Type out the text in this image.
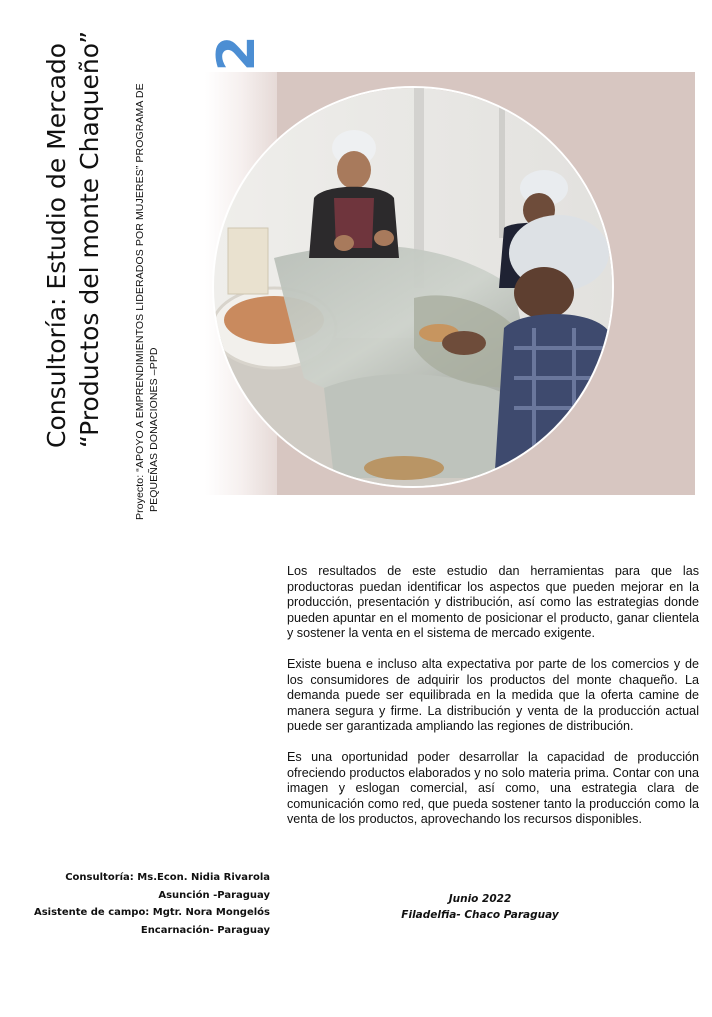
Consultoría: Estudio de Mercado “Productos del monte Chaqueño”	Proyecto: “APOYO A EMPRENDIMIENTOS LIDERADOS POR MUJERES” PROGRAMA DE PEQUEÑAS DONACIONES –PPD

Los resultados de este estudio dan herramientas para que las productoras puedan identificar los aspectos que pueden mejorar en la producción, presentación y distribución, así como las estrategias donde pueden apuntar en el momento de posicionar el producto, ganar clientela y sostener la venta en el sistema de mercado exigente.

Existe buena e incluso alta expectativa por parte de los comercios y de los consumidores de adquirir los productos del monte chaqueño. La demanda puede ser equilibrada en la medida que la oferta camine de manera segura y firme. La distribución y venta de la producción actual puede ser garantizada ampliando las regiones de distribución.

Es una oportunidad poder desarrollar la capacidad de producción ofreciendo productos elaborados y no solo materia prima. Contar con una imagen y eslogan comercial, así como, una estrategia clara de comunicación como red, que pueda sostener tanto la producción como la venta de los productos, aprovechando los recursos disponibles.

Junio 2022
Filadelfia- Chaco Paraguay
Consultoría: Ms.Econ. Nidia Rivarola
Asunción -Paraguay
Asistente de campo: Mgtr. Nora Mongelós
Encarnación- Paraguay
